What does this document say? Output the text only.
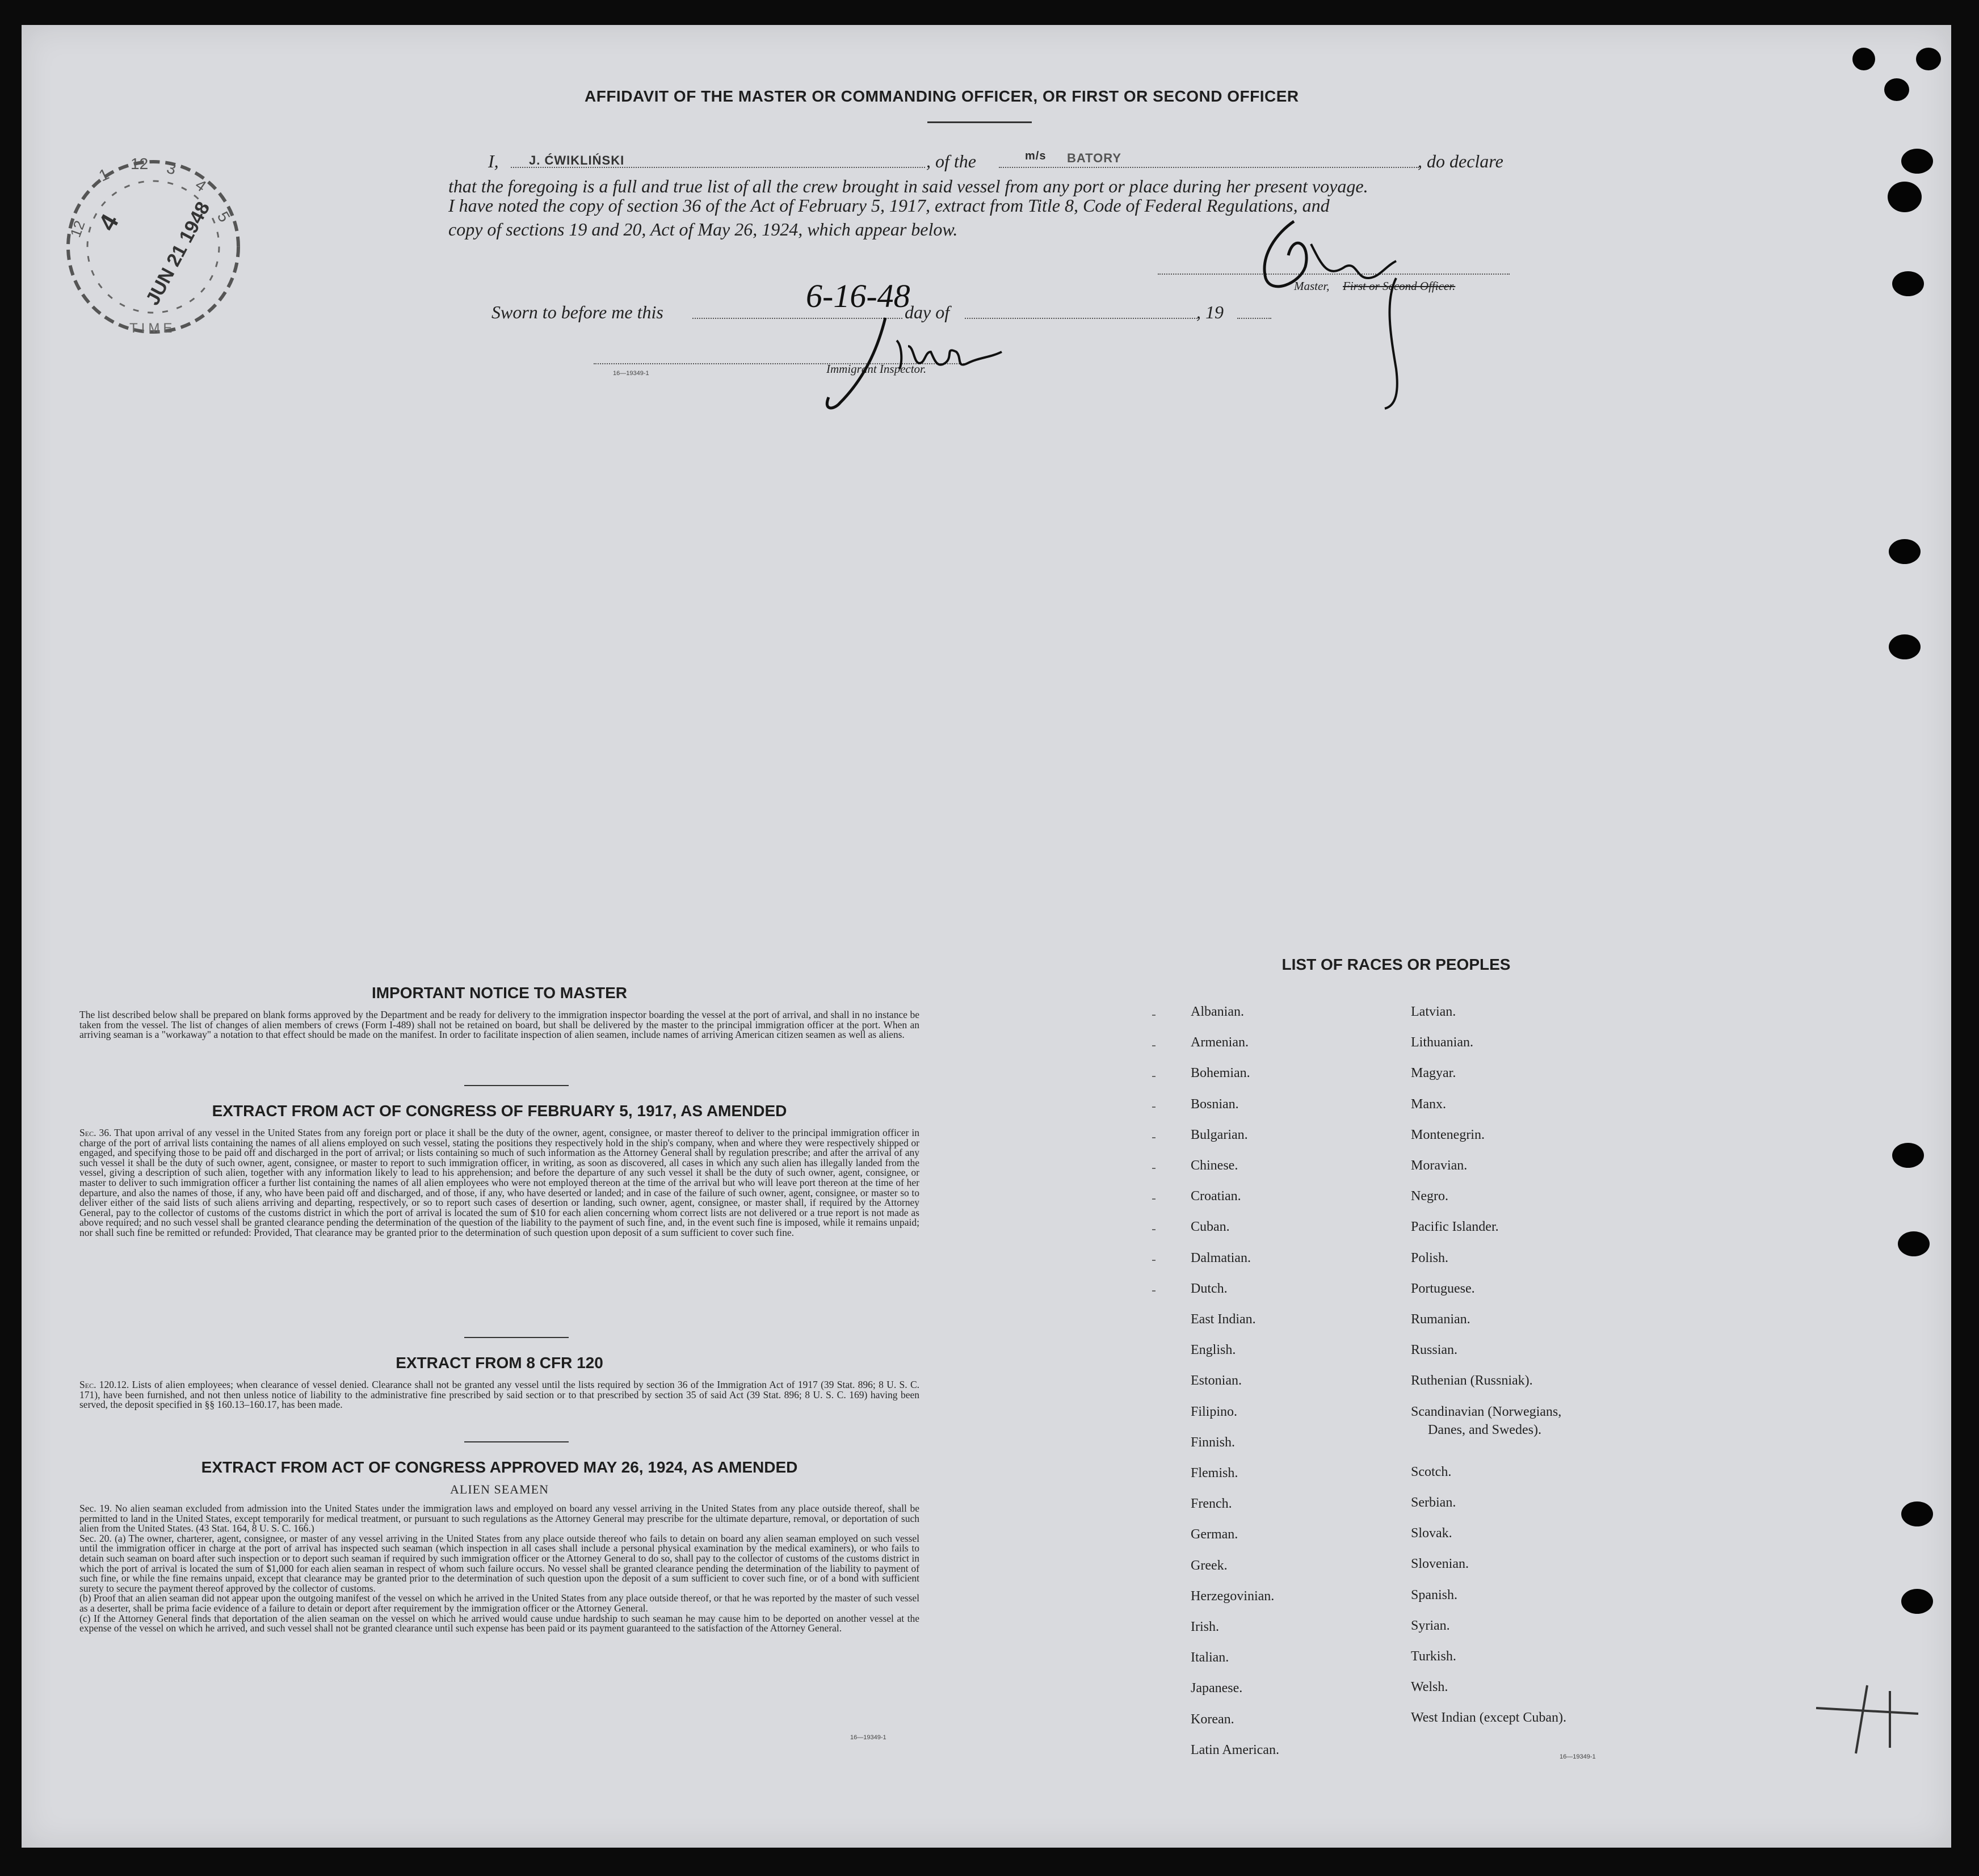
AFFIDAVIT OF THE MASTER OR COMMANDING OFFICER, OR FIRST OR SECOND OFFICER
I, J. ĆWIKLIŃSKI	, of the	m/s BATORY	, do declare
that the foregoing is a full and true list of all the crew brought in said vessel from any port or place during her present voyage.
I have noted the copy of section 36 of the Act of February 5, 1917, extract from Title 8, Code of Federal Regulations, and
copy of sections 19 and 20, Act of May 26, 1924, which appear below.
Master, First or Second Officer.
Sworn to before me this	6-16-48
day of	, 19
16—19349-1	Immigrant Inspector.
J. Singer
J. Ćw
12
1
12 3
4
5
4 JUN 21 1948
TIME
IMPORTANT NOTICE TO MASTER
The list described below shall be prepared on blank forms approved by the Department and be ready for delivery to the immigration inspector boarding the vessel at the port of arrival, and shall in no instance be taken from the vessel. The list of changes of alien members of crews (Form I-489) shall not be retained on board, but shall be delivered by the master to the principal immigration officer at the port. When an arriving seaman is a "workaway" a notation to that effect should be made on the manifest. In order to facilitate inspection of alien seamen, include names of arriving American citizen seamen as well as aliens.
EXTRACT FROM ACT OF CONGRESS OF FEBRUARY 5, 1917, AS AMENDED
Sec. 36. That upon arrival of any vessel in the United States from any foreign port or place it shall be the duty of the owner, agent, consignee, or master thereof to deliver to the principal immigration officer in charge of the port of arrival lists containing the names of all aliens employed on such vessel, stating the positions they respectively hold in the ship's company, when and where they were respectively shipped or engaged, and specifying those to be paid off and discharged in the port of arrival; or lists containing so much of such information as the Attorney General shall by regulation prescribe; and after the arrival of any such vessel it shall be the duty of such owner, agent, consignee, or master to report to such immigration officer, in writing, as soon as discovered, all cases in which any such alien has illegally landed from the vessel, giving a description of such alien, together with any information likely to lead to his apprehension; and before the departure of any such vessel it shall be the duty of such owner, agent, consignee, or master to deliver to such immigration officer a further list containing the names of all alien employees who were not employed thereon at the time of the arrival but who will leave port thereon at the time of her departure, and also the names of those, if any, who have been paid off and discharged, and of those, if any, who have deserted or landed; and in case of the failure of such owner, agent, consignee, or master so to deliver either of the said lists of such aliens arriving and departing, respectively, or so to report such cases of desertion or landing, such owner, agent, consignee, or master shall, if required by the Attorney General, pay to the collector of customs of the customs district in which the port of arrival is located the sum of $10 for each alien concerning whom correct lists are not delivered or a true report is not made as above required; and no such vessel shall be granted clearance pending the determination of the question of the liability to the payment of such fine, and, in the event such fine is imposed, while it remains unpaid; nor shall such fine be remitted or refunded: Provided, That clearance may be granted prior to the determination of such question upon deposit of a sum sufficient to cover such fine.
EXTRACT FROM 8 CFR 120
Sec. 120.12. Lists of alien employees; when clearance of vessel denied. Clearance shall not be granted any vessel until the lists required by section 36 of the Immigration Act of 1917 (39 Stat. 896; 8 U. S. C. 171), have been furnished, and not then unless notice of liability to the administrative fine prescribed by said section or to that prescribed by section 35 of said Act (39 Stat. 896; 8 U. S. C. 169) having been served, the deposit specified in §§ 160.13–160.17, has been made.
EXTRACT FROM ACT OF CONGRESS APPROVED MAY 26, 1924, AS AMENDED
ALIEN SEAMEN
Sec. 19. No alien seaman excluded from admission into the United States under the immigration laws and employed on board any vessel arriving in the United States from any place outside thereof, shall be permitted to land in the United States, except temporarily for medical treatment, or pursuant to such regulations as the Attorney General may prescribe for the ultimate departure, removal, or deportation of such alien from the United States. (43 Stat. 164, 8 U. S. C. 166.)
Sec. 20. (a) The owner, charterer, agent, consignee, or master of any vessel arriving in the United States from any place outside thereof who fails to detain on board any alien seaman employed on such vessel until the immigration officer in charge at the port of arrival has inspected such seaman (which inspection in all cases shall include a personal physical examination by the medical examiners), or who fails to detain such seaman on board after such inspection or to deport such seaman if required by such immigration officer or the Attorney General to do so, shall pay to the collector of customs of the customs district in which the port of arrival is located the sum of $1,000 for each alien seaman in respect of whom such failure occurs. No vessel shall be granted clearance pending the determination of the liability to payment of such fine, or while the fine remains unpaid, except that clearance may be granted prior to the determination of such question upon the deposit of a sum sufficient to cover such fine, or of a bond with sufficient surety to secure the payment thereof approved by the collector of customs.
(b) Proof that an alien seaman did not appear upon the outgoing manifest of the vessel on which he arrived in the United States from any place outside thereof, or that he was reported by the master of such vessel as a deserter, shall be prima facie evidence of a failure to detain or deport after requirement by the immigration officer or the Attorney General.
(c) If the Attorney General finds that deportation of the alien seaman on the vessel on which he arrived would cause undue hardship to such seaman he may cause him to be deported on another vessel at the expense of the vessel on which he arrived, and such vessel shall not be granted clearance until such expense has been paid or its payment guaranteed to the satisfaction of the Attorney General.
16—19349-1
LIST OF RACES OR PEOPLES
Albanian.
Armenian.
Bohemian.
Bosnian.
Bulgarian.
Chinese.
Croatian.
Cuban.
Dalmatian.
Dutch.
East Indian.
English.
Estonian.
Filipino.
Finnish.
Flemish.
French.
German.
Greek.
Herzegovinian.
Irish.
Italian.
Japanese.
Korean.
Latin American.
Latvian.
Lithuanian.
Magyar.
Manx.
Montenegrin.
Moravian.
Negro.
Pacific Islander.
Polish.
Portuguese.
Rumanian.
Russian.
Ruthenian (Russniak).
Scandinavian (Norwegians,
Danes, and Swedes).
Scotch.
Serbian.
Slovak.
Slovenian.
Spanish.
Syrian.
Turkish.
Welsh.
West Indian (except Cuban).
16—19349-1
4
